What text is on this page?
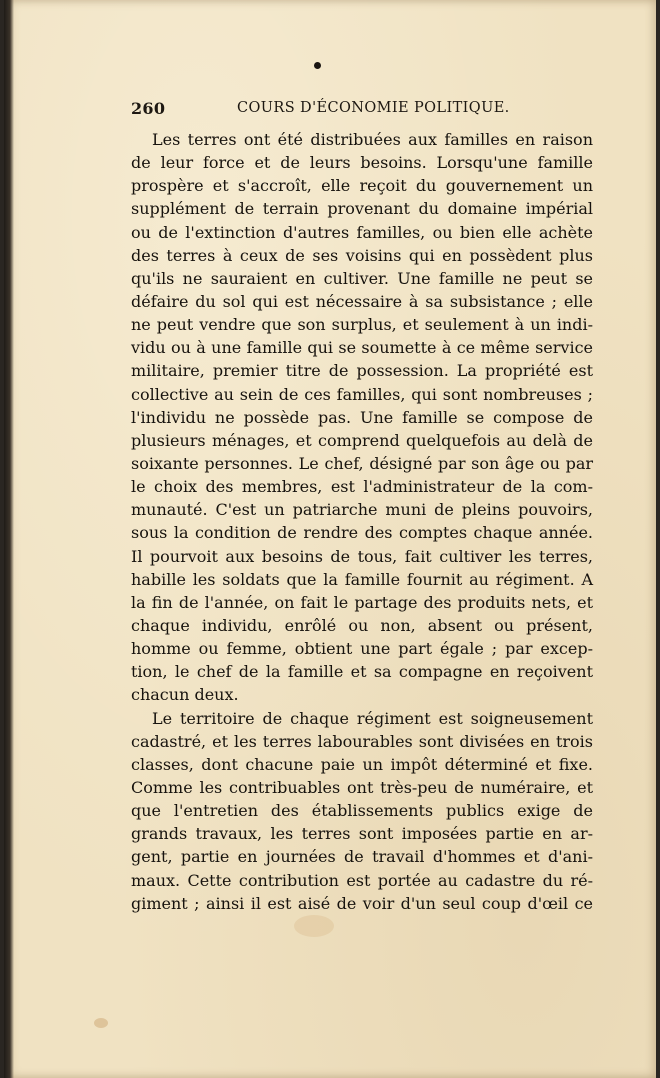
260	COURS D'ÉCONOMIE POLITIQUE.
Les terres ont été distribuées aux familles en raison
de leur force et de leurs besoins. Lorsqu'une famille
prospère et s'accroît, elle reçoit du gouvernement un
supplément de terrain provenant du domaine impérial
ou de l'extinction d'autres familles, ou bien elle achète
des terres à ceux de ses voisins qui en possèdent plus
qu'ils ne sauraient en cultiver. Une famille ne peut se
défaire du sol qui est nécessaire à sa subsistance ; elle
ne peut vendre que son surplus, et seulement à un indi-
vidu ou à une famille qui se soumette à ce même service
militaire, premier titre de possession. La propriété est
collective au sein de ces familles, qui sont nombreuses ;
l'individu ne possède pas. Une famille se compose de
plusieurs ménages, et comprend quelquefois au delà de
soixante personnes. Le chef, désigné par son âge ou par
le choix des membres, est l'administrateur de la com-
munauté. C'est un patriarche muni de pleins pouvoirs,
sous la condition de rendre des comptes chaque année.
Il pourvoit aux besoins de tous, fait cultiver les terres,
habille les soldats que la famille fournit au régiment. A
la fin de l'année, on fait le partage des produits nets, et
chaque individu, enrôlé ou non, absent ou présent,
homme ou femme, obtient une part égale ; par excep-
tion, le chef de la famille et sa compagne en reçoivent
chacun deux.
Le territoire de chaque régiment est soigneusement
cadastré, et les terres labourables sont divisées en trois
classes, dont chacune paie un impôt déterminé et fixe.
Comme les contribuables ont très-peu de numéraire, et
que l'entretien des établissements publics exige de
grands travaux, les terres sont imposées partie en ar-
gent, partie en journées de travail d'hommes et d'ani-
maux. Cette contribution est portée au cadastre du ré-
giment ; ainsi il est aisé de voir d'un seul coup d'œil ce
